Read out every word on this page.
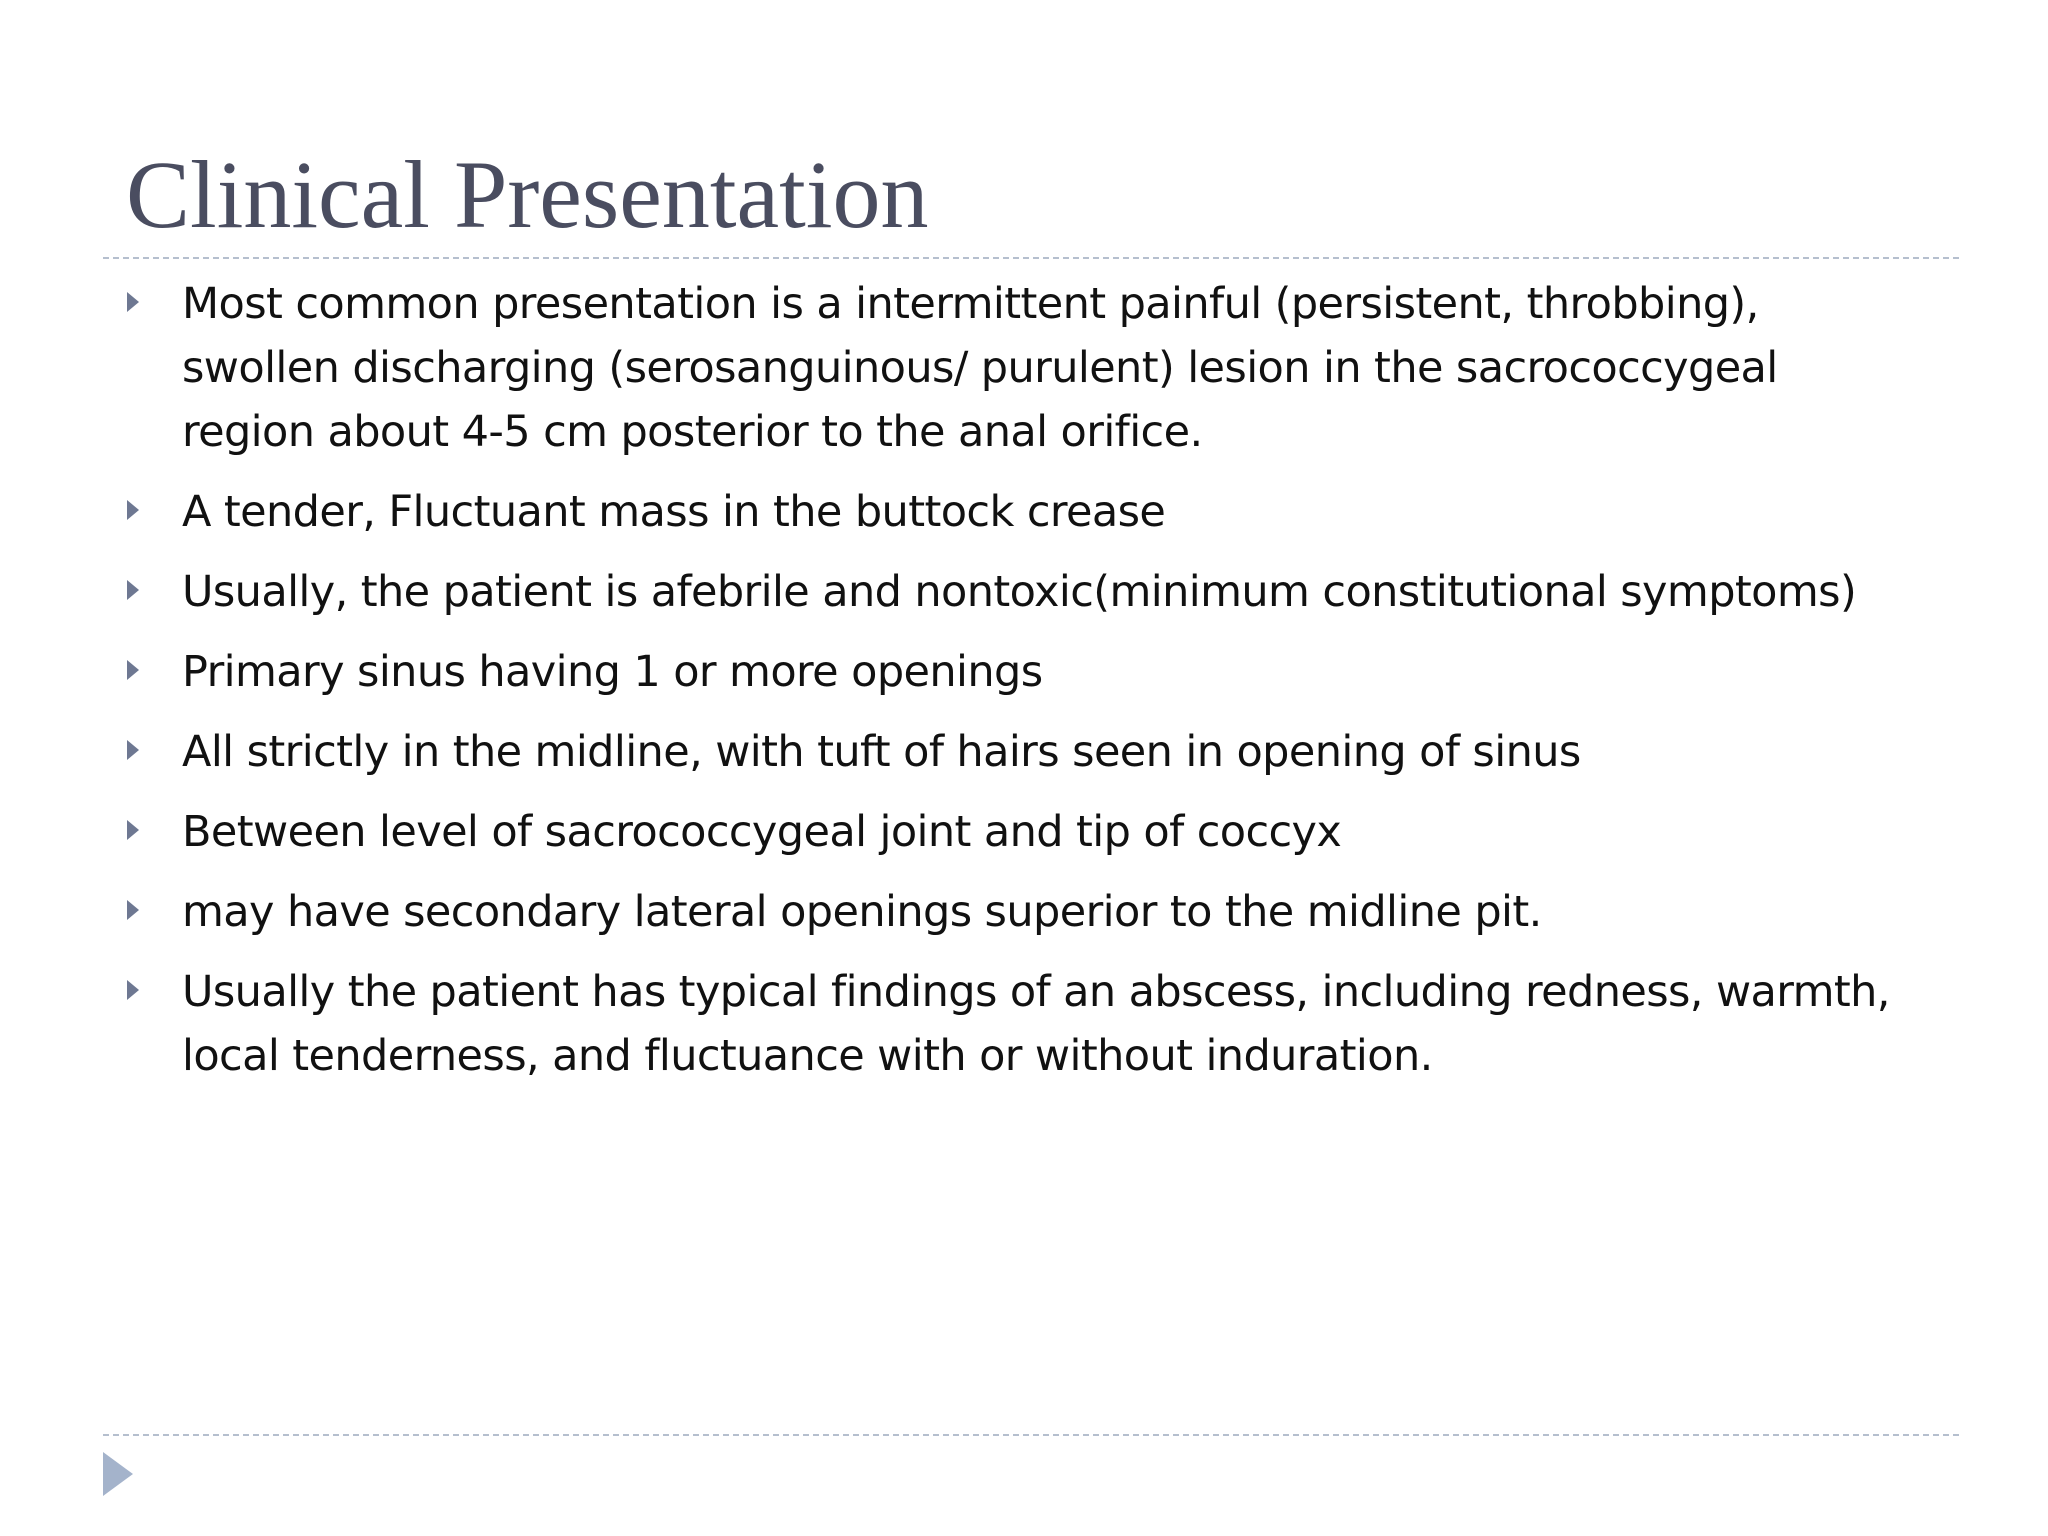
Clinical Presentation
Most common presentation is a intermittent painful (persistent, throbbing), swollen discharging (serosanguinous/ purulent) lesion in the sacrococcygeal region about 4-5 cm posterior to the anal orifice.
A tender, Fluctuant mass in the buttock crease
Usually, the patient is afebrile and nontoxic(minimum constitutional symptoms)
Primary sinus having 1 or more openings
All strictly in the midline, with tuft of hairs seen in opening of sinus
Between level of sacrococcygeal joint and tip of coccyx
may have secondary lateral openings superior to the midline pit.
Usually the patient has typical findings of an abscess, including redness, warmth, local tenderness, and fluctuance with or without induration.
